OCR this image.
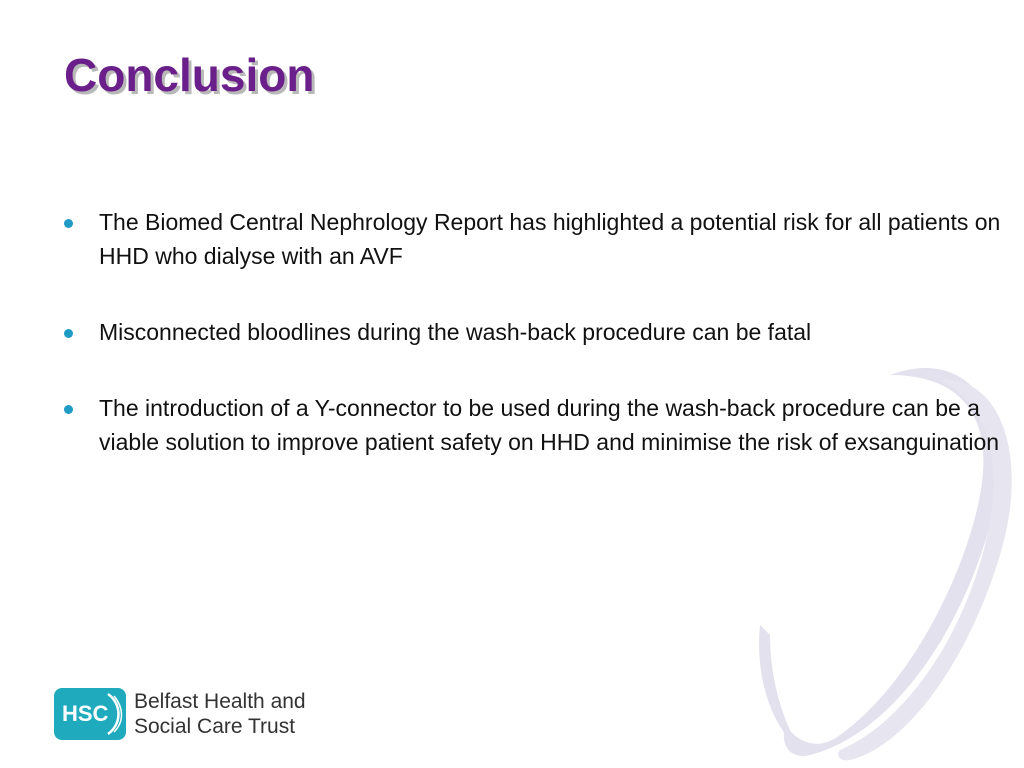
Conclusion
The Biomed Central Nephrology Report has highlighted a potential risk for all patients on HHD who dialyse with an AVF
Misconnected bloodlines during the wash-back procedure can be fatal
The introduction of a Y-connector to be used during the wash-back procedure can be a viable solution to improve patient safety on HHD and minimise the risk of exsanguination
HSC Belfast Health and
Social Care Trust
